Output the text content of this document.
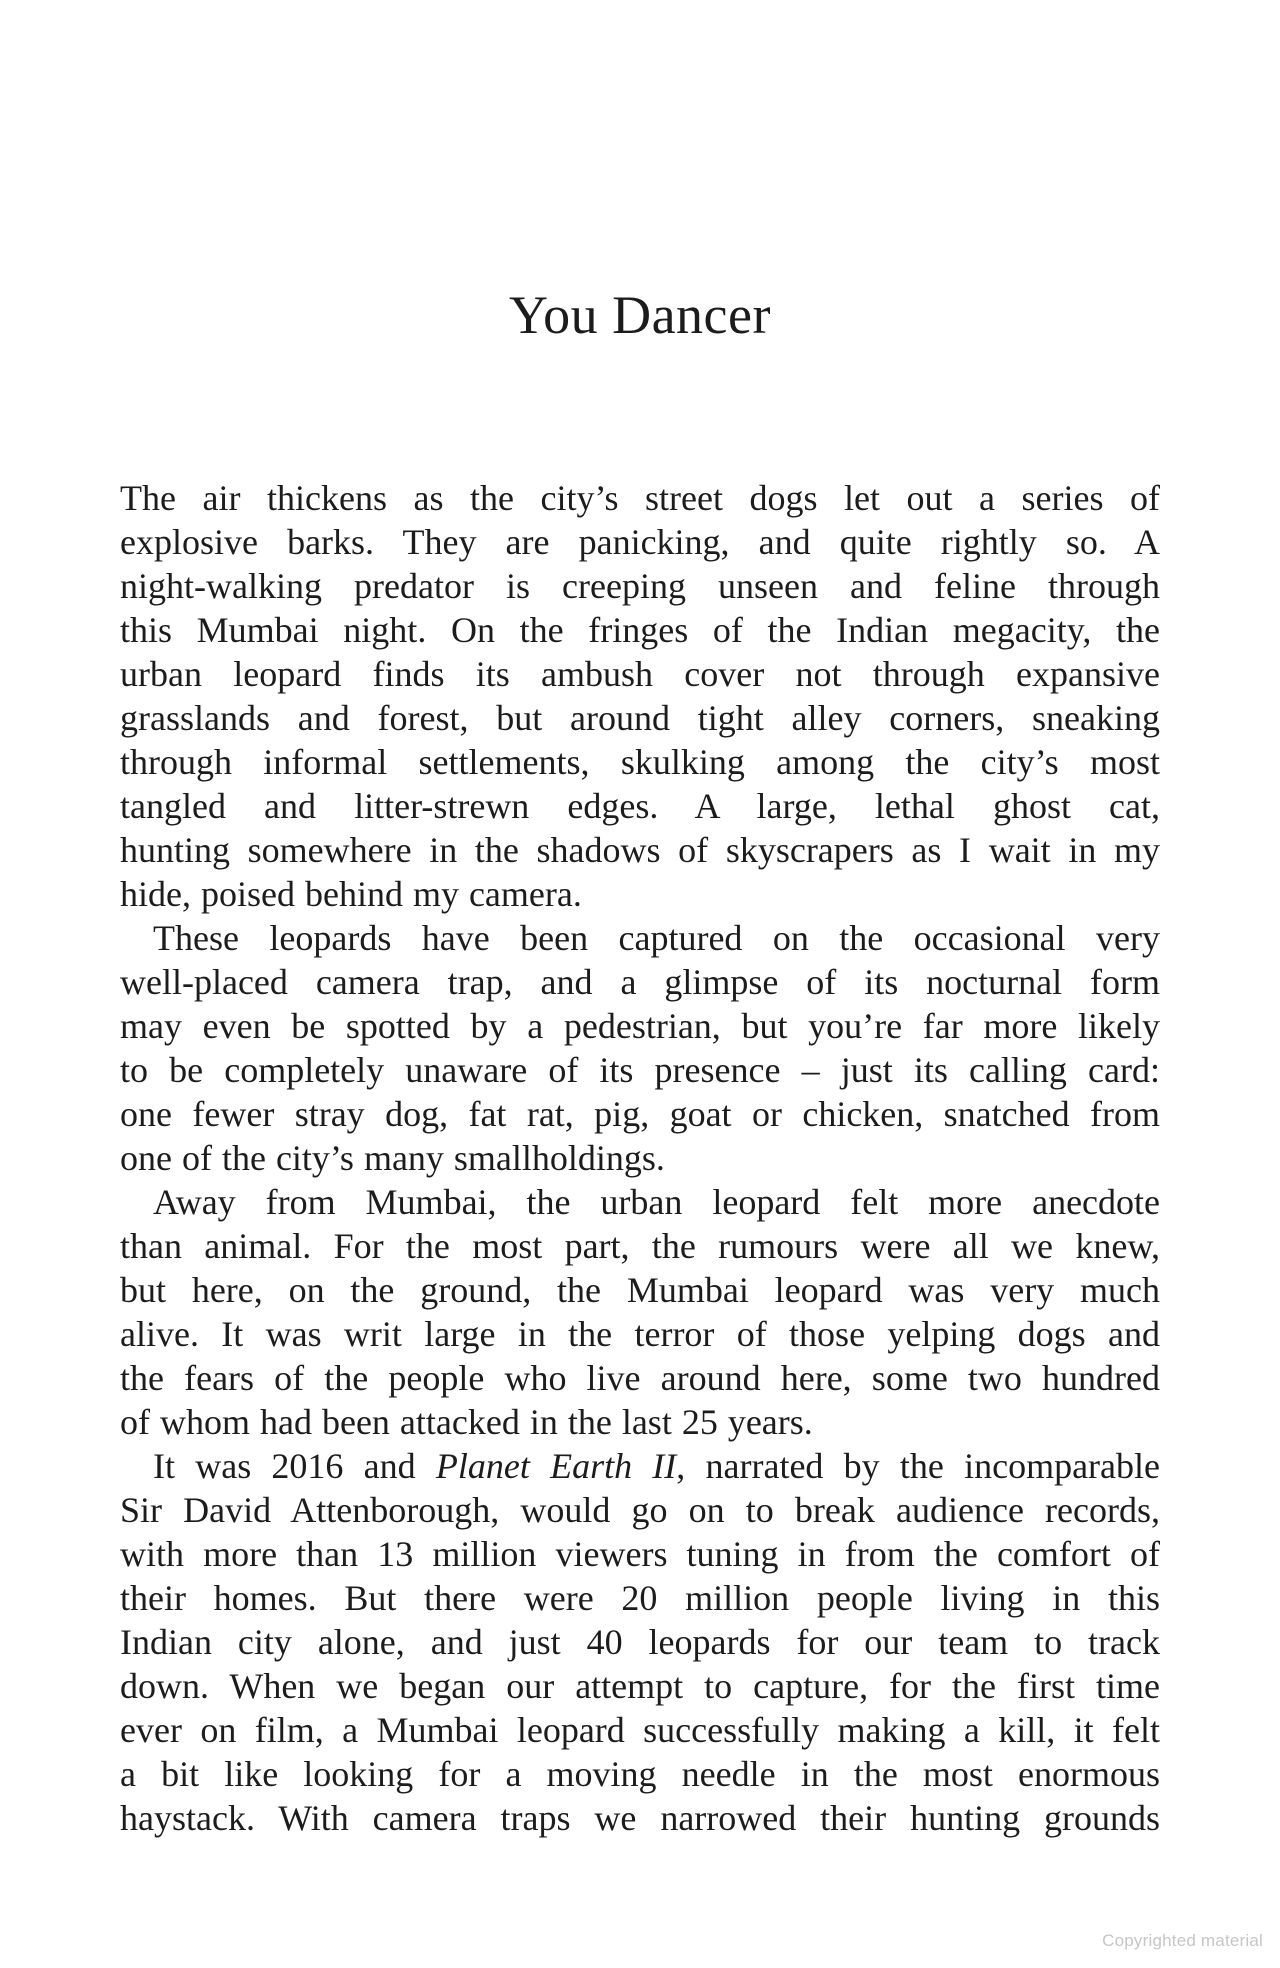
You Dancer
The air thickens as the city’s street dogs let out a series of
explosive barks. They are panicking, and quite rightly so. A
night-walking predator is creeping unseen and feline through
this Mumbai night. On the fringes of the Indian megacity, the
urban leopard finds its ambush cover not through expansive
grasslands and forest, but around tight alley corners, sneaking
through informal settlements, skulking among the city’s most
tangled and litter-strewn edges. A large, lethal ghost cat,
hunting somewhere in the shadows of skyscrapers as I wait in my
hide, poised behind my camera.
These leopards have been captured on the occasional very
well-placed camera trap, and a glimpse of its nocturnal form
may even be spotted by a pedestrian, but you’re far more likely
to be completely unaware of its presence – just its calling card:
one fewer stray dog, fat rat, pig, goat or chicken, snatched from
one of the city’s many smallholdings.
Away from Mumbai, the urban leopard felt more anecdote
than animal. For the most part, the rumours were all we knew,
but here, on the ground, the Mumbai leopard was very much
alive. It was writ large in the terror of those yelping dogs and
the fears of the people who live around here, some two hundred
of whom had been attacked in the last 25 years.
It was 2016 and Planet Earth II, narrated by the incomparable
Sir David Attenborough, would go on to break audience records,
with more than 13 million viewers tuning in from the comfort of
their homes. But there were 20 million people living in this
Indian city alone, and just 40 leopards for our team to track
down. When we began our attempt to capture, for the first time
ever on film, a Mumbai leopard successfully making a kill, it felt
a bit like looking for a moving needle in the most enormous
haystack. With camera traps we narrowed their hunting grounds
Copyrighted material
